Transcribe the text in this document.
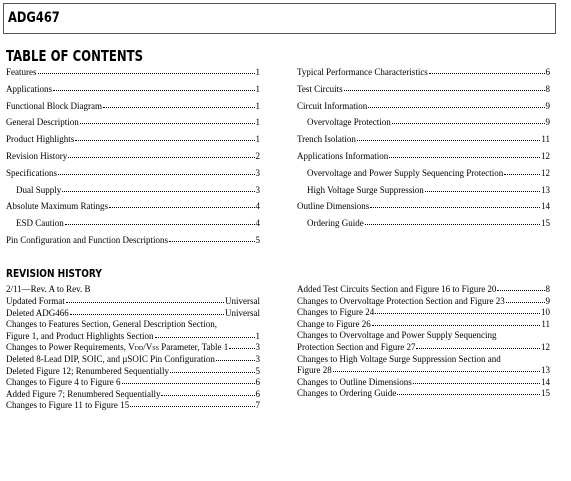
ADG467
TABLE OF CONTENTS
Features	1
Applications	1
Functional Block Diagram	1
General Description	1
Product Highlights	1
Revision History	2
Specifications	3
Dual Supply	3
Absolute Maximum Ratings	4
ESD Caution	4
Pin Configuration and Function Descriptions	5
Typical Performance Characteristics	6
Test Circuits	8
Circuit Information	9
Overvoltage Protection	9
Trench Isolation	11
Applications Information	12
Overvoltage and Power Supply Sequencing Protection	12
High Voltage Surge Suppression	13
Outline Dimensions	14
Ordering Guide	15
REVISION HISTORY
2/11—Rev. A to Rev. B
Updated Format	Universal
Deleted ADG466	Universal
Changes to Features Section, General Description Section,
Figure 1, and Product Highlights Section	1
Changes to Power Requirements, VDD/VSS Parameter, Table 1	3
Deleted 8-Lead DIP, SOIC, and µSOIC Pin Configuration	3
Deleted Figure 12; Renumbered Sequentially	5
Changes to Figure 4 to Figure 6	6
Added Figure 7; Renumbered Sequentially	6
Changes to Figure 11 to Figure 15	7
Added Test Circuits Section and Figure 16 to Figure 20	8
Changes to Overvoltage Protection Section and Figure 23	9
Changes to Figure 24	10
Change to Figure 26	11
Changes to Overvoltage and Power Supply Sequencing
Protection Section and Figure 27	12
Changes to High Voltage Surge Suppression Section and
Figure 28	13
Changes to Outline Dimensions	14
Changes to Ordering Guide	15
